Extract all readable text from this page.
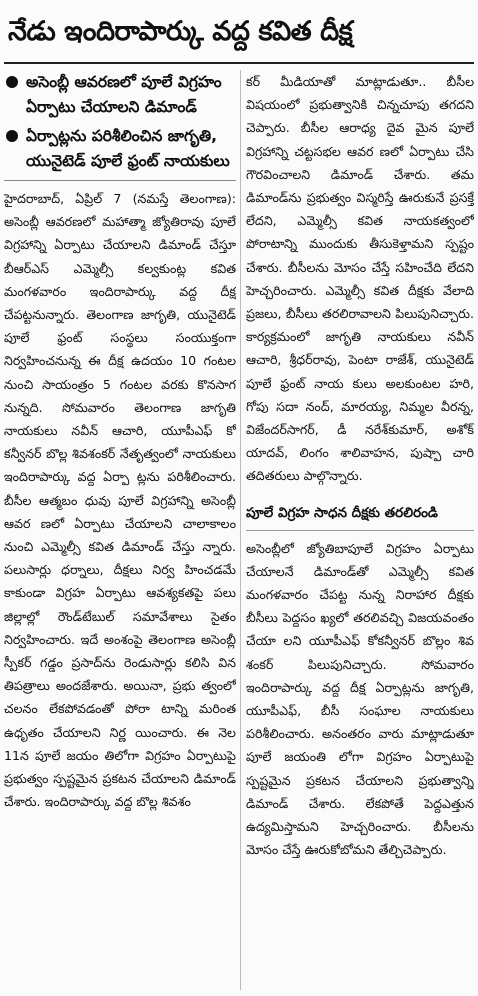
నేడు ఇందిరాపార్కు వద్ద కవిత దీక్ష
అసెంబ్లీ ఆవరణలో పూలే విగ్రహం ఏర్పాటు చేయాలని డిమాండ్
ఏర్పాట్లను పరిశీలించిన జాగృతి, యునైటెడ్ పూలే ఫ్రంట్ నాయకులు

హైదరాబాద్, ఏప్రిల్ 7 (నమస్తే తెలంగాణ): అసెంబ్లీ ఆవరణలో మహాత్మా జ్యోతిరావు పూలే విగ్రహాన్ని ఏర్పాటు చేయాలని డిమాండ్ చేస్తూ బీఆర్ఎస్ ఎమ్మెల్సీ కల్వకుంట్ల కవిత మంగళవారం ఇందిరాపార్కు వద్ద దీక్ష చేపట్టనున్నారు. తెలంగాణ జాగృతి, యునైటెడ్ పూలే ఫ్రంట్ సంస్థలు సంయుక్తంగా నిర్వహించనున్న ఈ దీక్ష ఉదయం 10 గంటల నుంచి సాయంత్రం 5 గంటల వరకు కొనసాగ నున్నది. సోమవారం తెలంగాణ జాగృతి నాయకులు నవీన్ ఆచారి, యూపీఎఫ్ కో కన్వీనర్ బొల్ల శివశంకర్ నేతృత్వంలో నాయకులు ఇందిరాపార్కు వద్ద ఏర్పా ట్లను పరిశీలించారు. బీసీల ఆత్మబం ధువు పూలే విగ్రహాన్ని అసెంబ్లీ ఆవర ణలో ఏర్పాటు చేయాలని చాలాకాలం నుంచి ఎమ్మెల్సీ కవిత డిమాండ్ చేస్తు న్నారు. పలుసార్లు ధర్నాలు, దీక్షలు నిర్వ హించడమే కాకుండా విగ్రహ ఏర్పాటు ఆవశ్యకతపై పలు జిల్లాల్లో రౌండ్‌టేబుల్ సమావేశాలు సైతం నిర్వహించారు. ఇదే అంశంపై తెలంగాణ అసెంబ్లీ స్పీకర్ గడ్డం ప్రసాద్‌ను రెండుసార్లు కలిసి విన తిపత్రాలు అందజేశారు. అయినా, ప్రభు త్వంలో చలనం లేకపోవడంతో పోరా టాన్ని మరింత ఉధృతం చేయాలని నిర్ణ యించారు. ఈ నెల 11న పూలే జయం తిలోగా విగ్రహం ఏర్పాటుపై ప్రభుత్వం స్పష్టమైన ప్రకటన చేయాలని డిమాండ్ చేశారు. ఇందిరాపార్కు వద్ద బొల్ల శివశం

కర్ మీడియాతో మాట్లాడుతూ.. బీసీల విషయంలో ప్రభుత్వానికి చిన్నచూపు తగదని చెప్పారు. బీసీల ఆరాధ్య దైవ మైన పూలే విగ్రహాన్ని చట్టసభల ఆవర ణలో ఏర్పాటు చేసి గౌరవించాలని డిమాండ్ చేశారు. తమ డిమాండ్‌ను ప్రభుత్వం విస్మరిస్తే ఊరుకునే ప్రసక్తే లేదని, ఎమ్మెల్సీ కవిత నాయకత్వంలో పోరాటాన్ని ముందుకు తీసుకెళ్తామని స్పష్టం చేశారు. బీసీలను మోసం చేస్తే సహించేది లేదని హెచ్చరించారు. ఎమ్మెల్సీ కవిత దీక్షకు వేలాది ప్రజలు, బీసీలు తరలిరావాలని పిలుపునిచ్చారు. కార్యక్రమంలో జాగృతి నాయకులు నవీన్ ఆచారి, శ్రీధర్‌రావు, పెంటా రాజేశ్, యునైటెడ్ పూలే ఫ్రంట్ నాయ కులు అలకుంటల హరి, గోపు సదా నంద్, మారయ్య, నిమ్మల వీరన్న, విజేందర్‌సాగర్, డీ నరేశ్‌కుమార్, అశోక్ యాదవ్, లింగం శాలివాహన, పుష్పా చారి తదితరులు పాల్గొన్నారు.

పూలే విగ్రహ సాధన దీక్షకు తరలిరండి

అసెంబ్లీలో జ్యోతిబాపూలే విగ్రహం ఏర్పాటు చేయాలనే డిమాండ్‌తో ఎమ్మెల్సీ కవిత మంగళవారం చేపట్ట నున్న నిరాహార దీక్షకు బీసీలు పెద్దసం ఖ్యలో తరలివచ్చి విజయవంతం చేయా లని యూపీఎఫ్ కోకన్వీనర్ బొల్లం శివ శంకర్ పిలుపునిచ్చారు. సోమవారం ఇందిరాపార్కు వద్ద దీక్ష ఏర్పాట్లను జాగృతి, యూపీఎఫ్, బీసీ సంఘాల నాయకులు పరిశీలించారు. అనంతరం వారు మాట్లాడుతూ పూలే జయంతి లోగా విగ్రహం ఏర్పాటుపై స్పష్టమైన ప్రకటన చేయాలని ప్రభుత్వాన్ని డిమాండ్ చేశారు. లేకపోతే పెద్దఎత్తున ఉద్యమిస్తామని హెచ్చరించారు. బీసీలను మోసం చేస్తే ఊరుకోబోమని తేల్చిచెప్పారు.
